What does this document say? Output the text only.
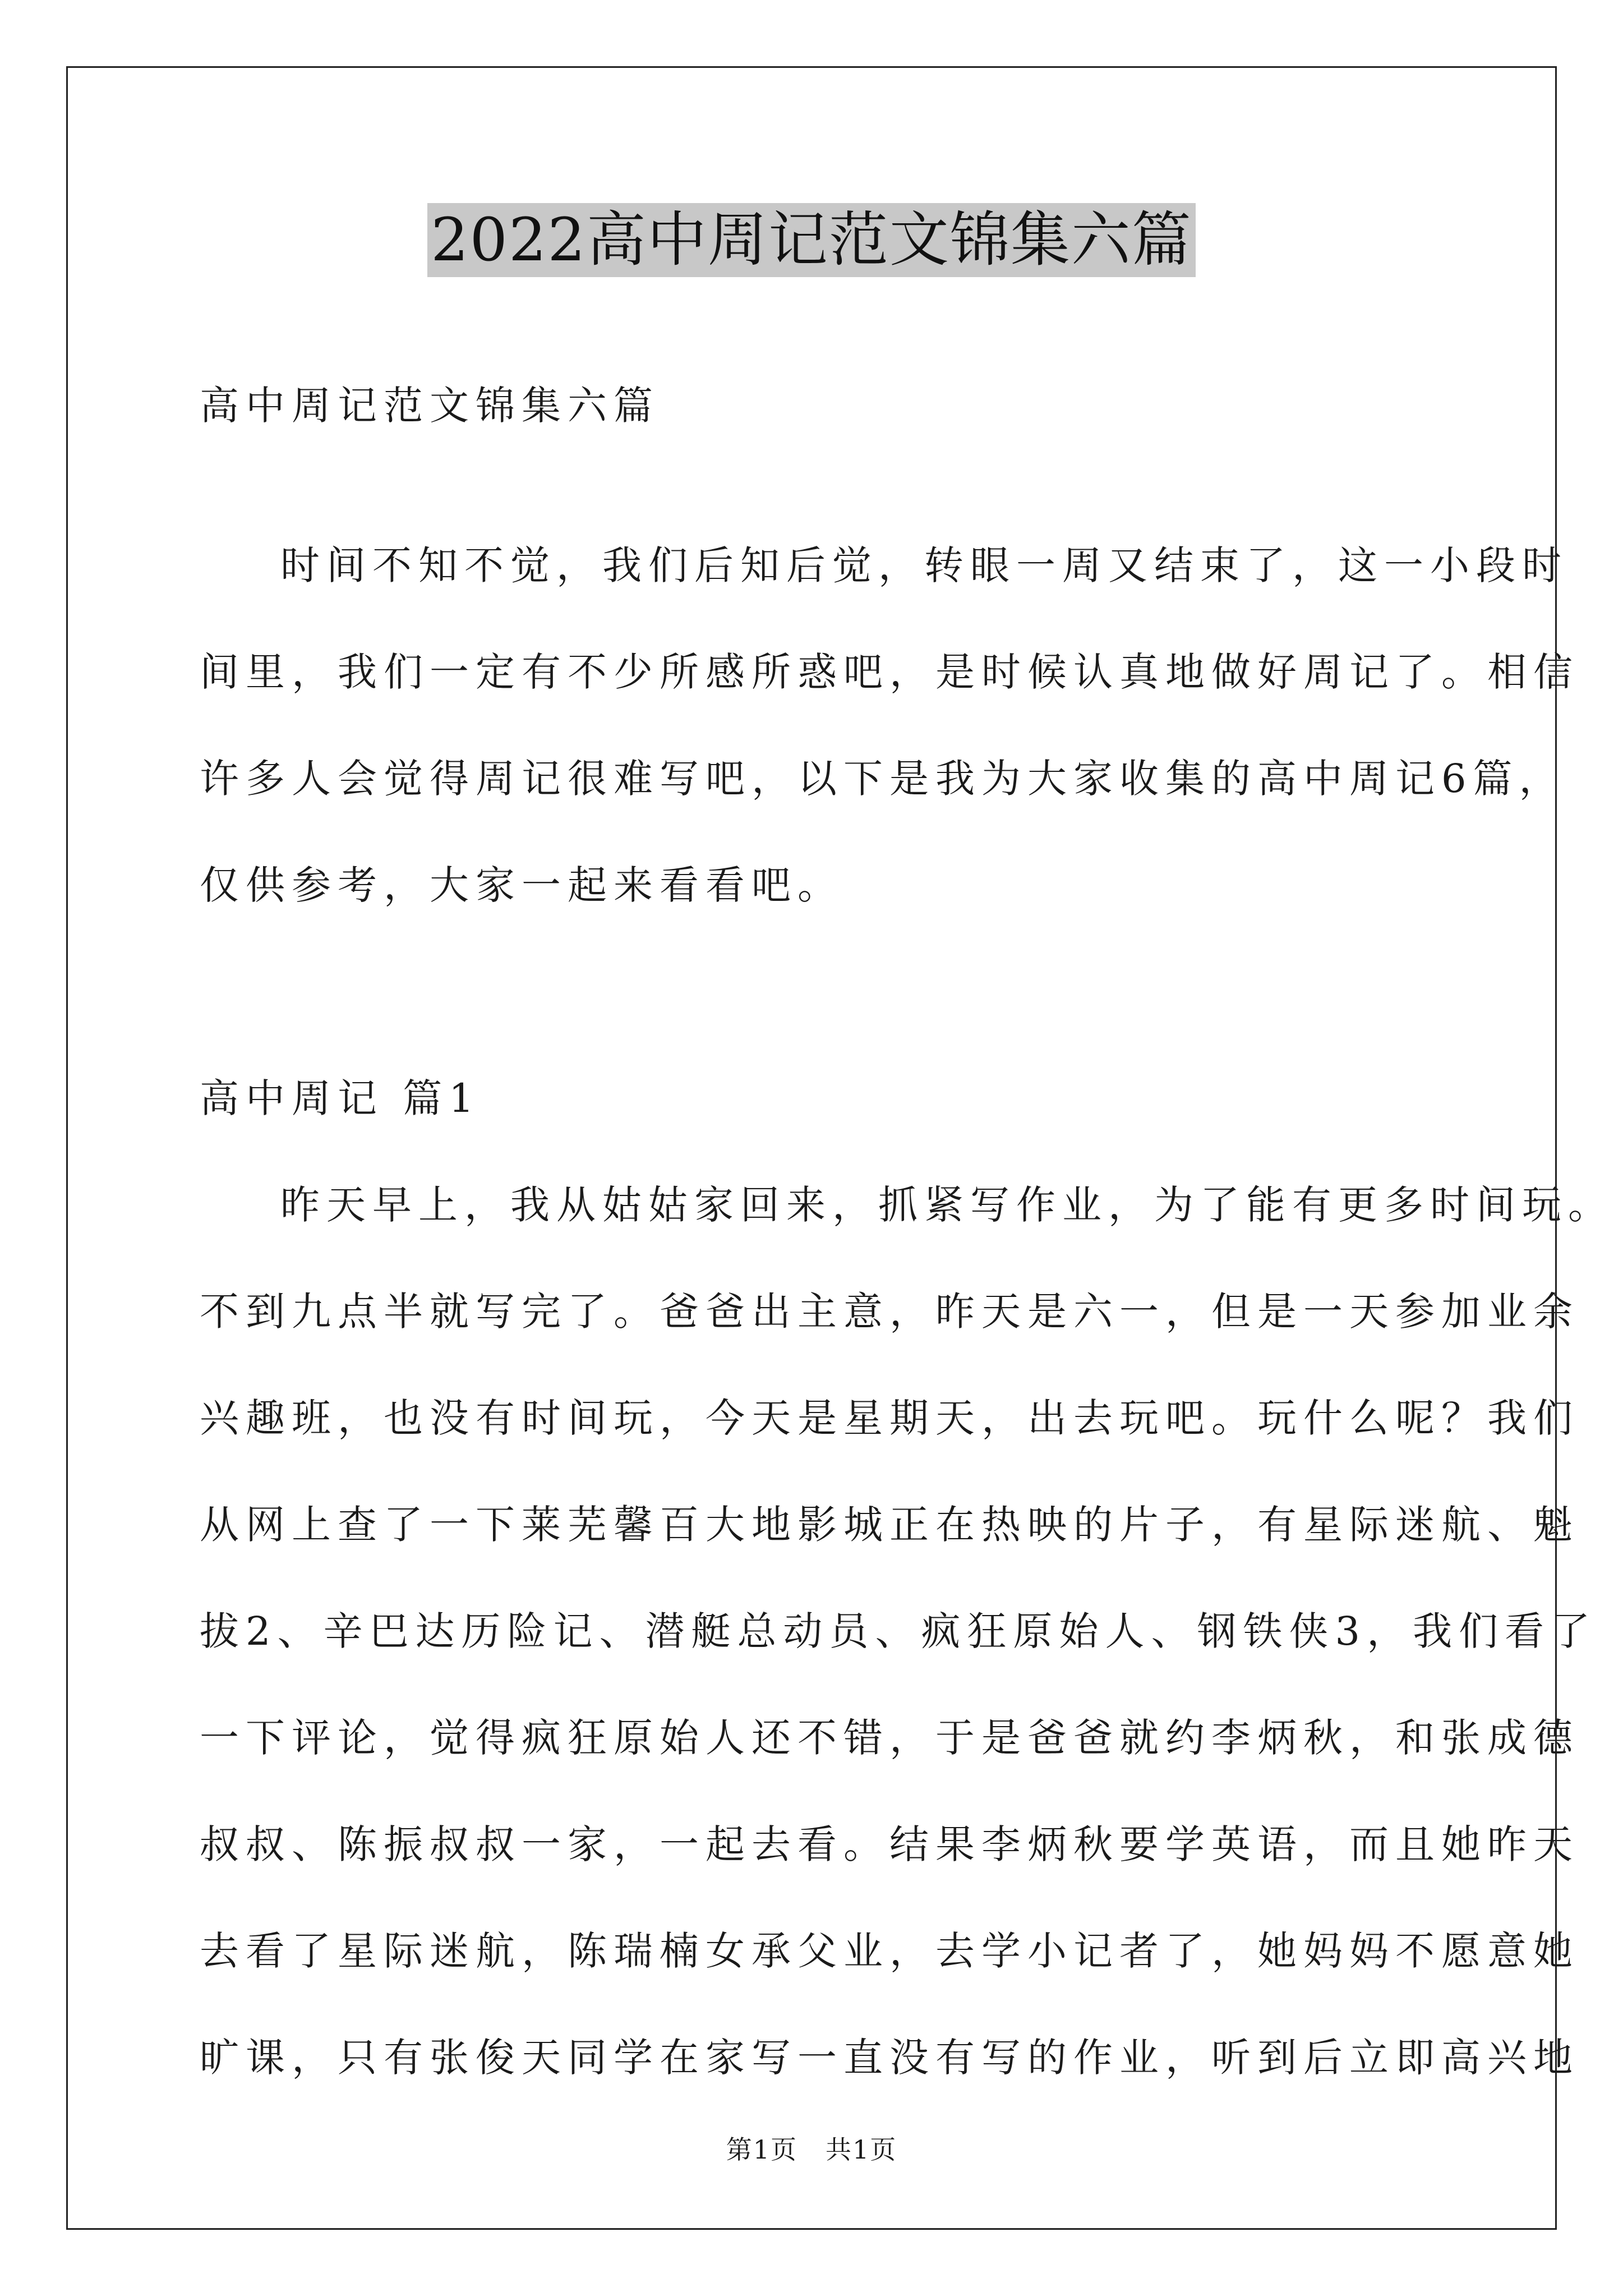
2022高中周记范文锦集六篇
高中周记范文锦集六篇
时间不知不觉，我们后知后觉，转眼一周又结束了，这一小段时
间里，我们一定有不少所感所惑吧，是时候认真地做好周记了。相信
许多人会觉得周记很难写吧，以下是我为大家收集的高中周记6篇，
仅供参考，大家一起来看看吧。
高中周记 篇1
昨天早上，我从姑姑家回来，抓紧写作业，为了能有更多时间玩。
不到九点半就写完了。爸爸出主意，昨天是六一，但是一天参加业余
兴趣班，也没有时间玩，今天是星期天，出去玩吧。玩什么呢？我们
从网上查了一下莱芜馨百大地影城正在热映的片子，有星际迷航、魁
拔2、辛巴达历险记、潜艇总动员、疯狂原始人、钢铁侠3，我们看了
一下评论，觉得疯狂原始人还不错，于是爸爸就约李炳秋，和张成德
叔叔、陈振叔叔一家，一起去看。结果李炳秋要学英语，而且她昨天
去看了星际迷航，陈瑞楠女承父业，去学小记者了，她妈妈不愿意她
旷课，只有张俊天同学在家写一直没有写的作业，听到后立即高兴地
第1页 共1页
